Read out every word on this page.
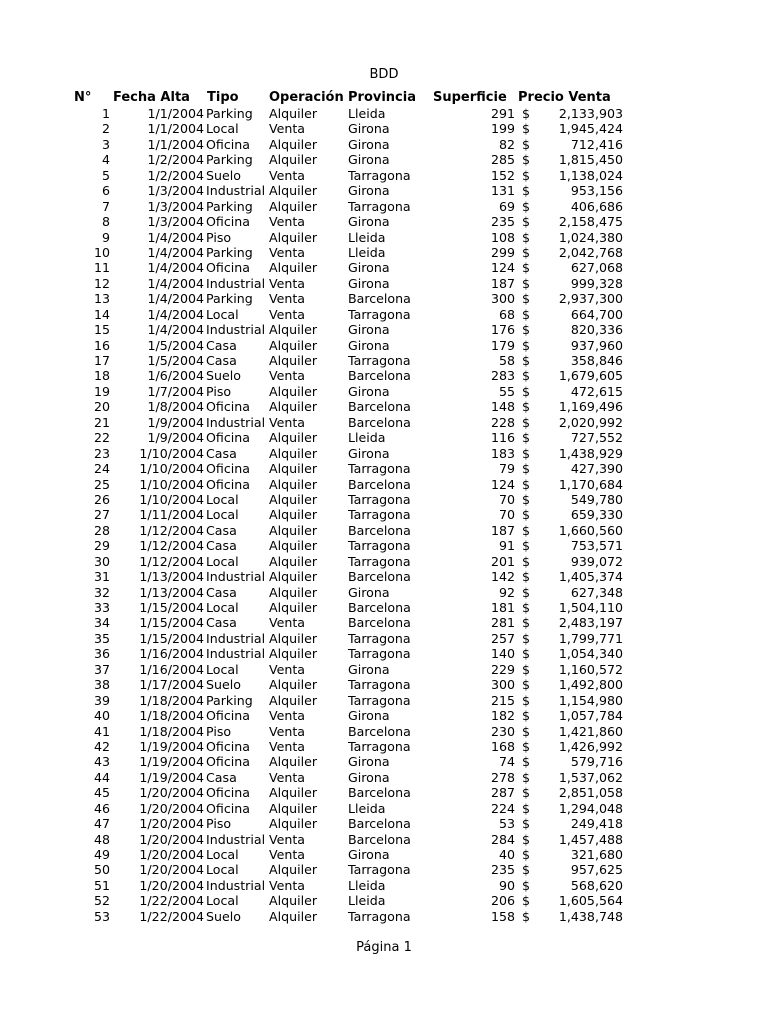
BDD
N° Fecha Alta Tipo Operación Provincia Superficie Precio Venta
1	1/1/2004 Parking Alquiler Lleida	291 $ 2,133,903
2	1/1/2004 Local Venta	Girona	199 $ 1,945,424
3	1/1/2004 Oficina Alquiler Girona	82 $	712,416
4	1/2/2004 Parking Alquiler Girona	285 $ 1,815,450
5	1/2/2004 Suelo Venta	Tarragona	152 $ 1,138,024
6	1/3/2004 Industrial Alquiler Girona	131 $	953,156
7	1/3/2004 Parking Alquiler Tarragona	69 $	406,686
8	1/3/2004 Oficina Venta	Girona	235 $ 2,158,475
9	1/4/2004 Piso	Alquiler Lleida	108 $ 1,024,380
10	1/4/2004 Parking Venta	Lleida	299 $ 2,042,768
11	1/4/2004 Oficina Alquiler Girona	124 $	627,068
12	1/4/2004 Industrial Venta	Girona	187 $	999,328
13	1/4/2004 Parking Venta	Barcelona	300 $ 2,937,300
14	1/4/2004 Local Venta	Tarragona	68 $	664,700
15	1/4/2004 Industrial Alquiler Girona	176 $	820,336
16	1/5/2004 Casa	Alquiler Girona	179 $	937,960
17	1/5/2004 Casa	Alquiler Tarragona	58 $	358,846
18	1/6/2004 Suelo Venta	Barcelona	283 $ 1,679,605
19	1/7/2004 Piso	Alquiler Girona	55 $	472,615
20	1/8/2004 Oficina Alquiler Barcelona	148 $ 1,169,496
21	1/9/2004 Industrial Venta	Barcelona	228 $ 2,020,992
22	1/9/2004 Oficina Alquiler Lleida	116 $	727,552
23 1/10/2004 Casa	Alquiler Girona	183 $ 1,438,929
24 1/10/2004 Oficina Alquiler Tarragona	79 $	427,390
25 1/10/2004 Oficina Alquiler Barcelona	124 $ 1,170,684
26 1/10/2004 Local Alquiler Tarragona	70 $	549,780
27 1/11/2004 Local Alquiler Tarragona	70 $	659,330
28 1/12/2004 Casa	Alquiler Barcelona	187 $ 1,660,560
29 1/12/2004 Casa	Alquiler Tarragona	91 $	753,571
30 1/12/2004 Local Alquiler Tarragona	201 $	939,072
31 1/13/2004 Industrial Alquiler Barcelona	142 $ 1,405,374
32 1/13/2004 Casa	Alquiler Girona	92 $	627,348
33 1/15/2004 Local Alquiler Barcelona	181 $ 1,504,110
34 1/15/2004 Casa	Venta	Barcelona	281 $ 2,483,197
35 1/15/2004 Industrial Alquiler Tarragona	257 $ 1,799,771
36 1/16/2004 Industrial Alquiler Tarragona	140 $ 1,054,340
37 1/16/2004 Local Venta	Girona	229 $ 1,160,572
38 1/17/2004 Suelo Alquiler Tarragona	300 $ 1,492,800
39 1/18/2004 Parking Alquiler Tarragona	215 $ 1,154,980
40 1/18/2004 Oficina Venta	Girona	182 $ 1,057,784
41 1/18/2004 Piso	Venta	Barcelona	230 $ 1,421,860
42 1/19/2004 Oficina Venta	Tarragona	168 $ 1,426,992
43 1/19/2004 Oficina Alquiler Girona	74 $	579,716
44 1/19/2004 Casa	Venta	Girona	278 $ 1,537,062
45 1/20/2004 Oficina Alquiler Barcelona	287 $ 2,851,058
46 1/20/2004 Oficina Alquiler Lleida	224 $ 1,294,048
47 1/20/2004 Piso	Alquiler Barcelona	53 $	249,418
48 1/20/2004 Industrial Venta	Barcelona	284 $ 1,457,488
49 1/20/2004 Local Venta	Girona	40 $	321,680
50 1/20/2004 Local Alquiler Tarragona	235 $	957,625
51 1/20/2004 Industrial Venta	Lleida	90 $	568,620
52 1/22/2004 Local Alquiler Lleida	206 $ 1,605,564
53 1/22/2004 Suelo Alquiler Tarragona	158 $ 1,438,748
Página 1
